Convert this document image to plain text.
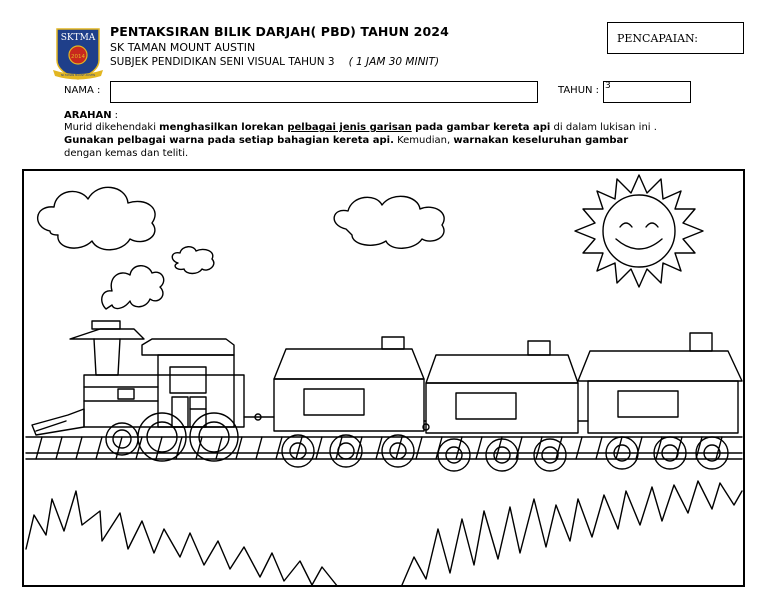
SKTMA
2014
SK TAMAN MOUNT AUSTIN
PENTAKSIRAN BILIK DARJAH( PBD) TAHUN 2024
SK TAMAN MOUNT AUSTIN
SUBJEK PENDIDIKAN SENI VISUAL TAHUN 3 ( 1 JAM 30 MINIT)
PENCAPAIAN:
NAMA :	TAHUN : 3
ARAHAN :
Murid dikehendaki menghasilkan lorekan pelbagai jenis garisan pada gambar kereta api di dalam lukisan ini .
Gunakan pelbagai warna pada setiap bahagian kereta api. Kemudian, warnakan keseluruhan gambar
dengan kemas dan teliti.
